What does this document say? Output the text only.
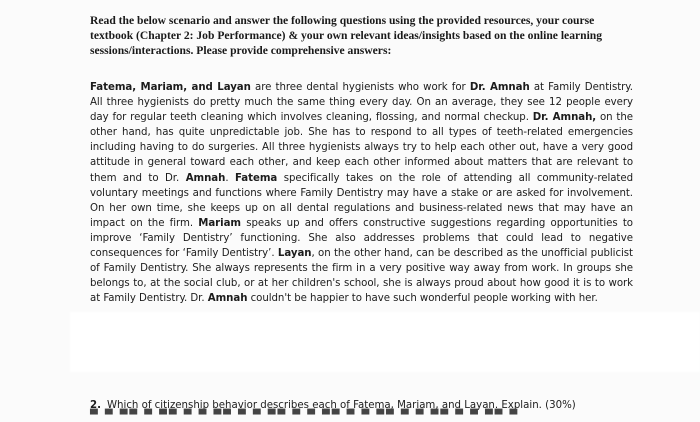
Read the below scenario and answer the following questions using the provided resources, your course textbook (Chapter 2: Job Performance) & your own relevant ideas/insights based on the online learning sessions/interactions. Please provide comprehensive answers:

Fatema, Mariam, and Layan are three dental hygienists who work for Dr. Amnah at Family Dentistry. All three hygienists do pretty much the same thing every day. On an average, they see 12 people every day for regular teeth cleaning which involves cleaning, flossing, and normal checkup. Dr. Amnah, on the other hand, has quite unpredictable job. She has to respond to all types of teeth-related emergencies including having to do surgeries. All three hygienists always try to help each other out, have a very good attitude in general toward each other, and keep each other informed about matters that are relevant to them and to Dr. Amnah. Fatema specifically takes on the role of attending all community-related voluntary meetings and functions where Family Dentistry may have a stake or are asked for involvement. On her own time, she keeps up on all dental regulations and business-related news that may have an impact on the firm. Mariam speaks up and offers constructive suggestions regarding opportunities to improve ‘Family Dentistry’ functioning. She also addresses problems that could lead to negative consequences for ‘Family Dentistry’. Layan, on the other hand, can be described as the unofficial publicist of Family Dentistry. She always represents the firm in a very positive way away from work. In groups she belongs to, at the social club, or at her children's school, she is always proud about how good it is to work at Family Dentistry. Dr. Amnah couldn't be happier to have such wonderful people working with her.

2. Which of citizenship behavior describes each of Fatema, Mariam, and Layan. Explain. (30%)

▀ ▀ ▀▀ ▀ ▀▀ ▀ ▀ ▀▀ ▀ ▀ ▀▀ ▀ ▀ ▀▀ ▀ ▀ ▀▀ ▀ ▀ ▀▀ ▀ ▀ ▀▀ ▀
